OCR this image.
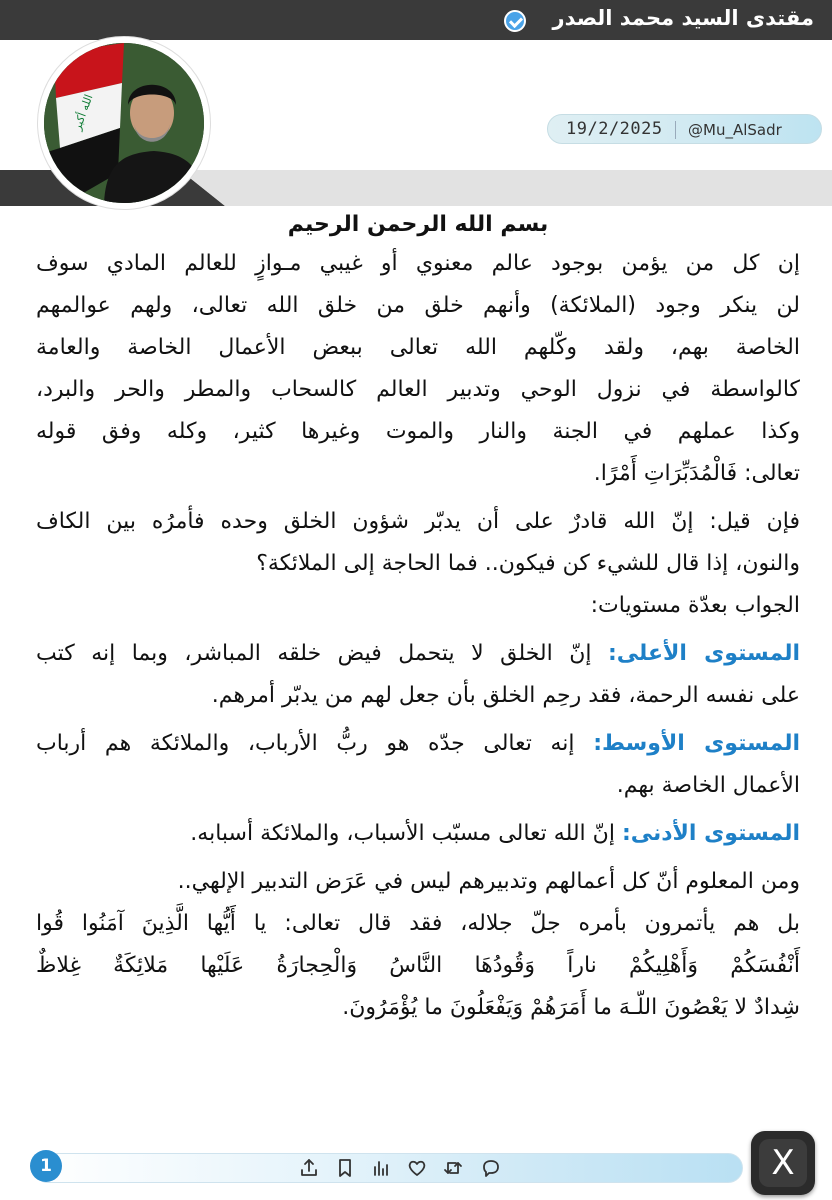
مقتدى السيد محمد الصدر
الله أكبر	19/2/2025 @Mu_AlSadr
بسم الله الرحمن الرحيم
إن كل من يؤمن بوجود عالم معنوي أو غيبي مـوازٍ للعالم المادي سوف
لن ينكر وجود (الملائكة) وأنهم خلق من خلق الله تعالى، ولهم عوالمهم
الخاصة بهم، ولقد وكّلهم الله تعالى ببعض الأعمال الخاصة والعامة
كالواسطة في نزول الوحي وتدبير العالم كالسحاب والمطر والحر والبرد،
وكذا عملهم في الجنة والنار والموت وغيرها كثير، وكله وفق قوله
تعالى: فَالْمُدَبِّرَاتِ أَمْرًا.
فإن قيل: إنّ الله قادرٌ على أن يدبّر شؤون الخلق وحده فأمرُه بين الكاف
والنون، إذا قال للشيء كن فيكون.. فما الحاجة إلى الملائكة؟
الجواب بعدّة مستويات:
المستوى الأعلى: إنّ الخلق لا يتحمل فيض خلقه المباشر، وبما إنه كتب
على نفسه الرحمة، فقد رحِم الخلق بأن جعل لهم من يدبّر أمرهم.
المستوى الأوسط: إنه تعالى جدّه هو ربُّ الأرباب، والملائكة هم أرباب
الأعمال الخاصة بهم.
المستوى الأدنى: إنّ الله تعالى مسبّب الأسباب، والملائكة أسبابه.
ومن المعلوم أنّ كل أعمالهم وتدبيرهم ليس في عَرَض التدبير الإلهي..
بل هم يأتمرون بأمره جلّ جلاله، فقد قال تعالى: يا أَيُّها الَّذِينَ آمَنُوا قُوا
أَنْفُسَكُمْ وَأَهْلِيكُمْ ناراً وَقُودُهَا النَّاسُ وَالْحِجارَةُ عَلَيْها مَلائِكَةٌ غِلاظٌ
شِدادٌ لا يَعْصُونَ اللّـهَ ما أَمَرَهُمْ وَيَفْعَلُونَ ما يُؤْمَرُونَ.
1	X
